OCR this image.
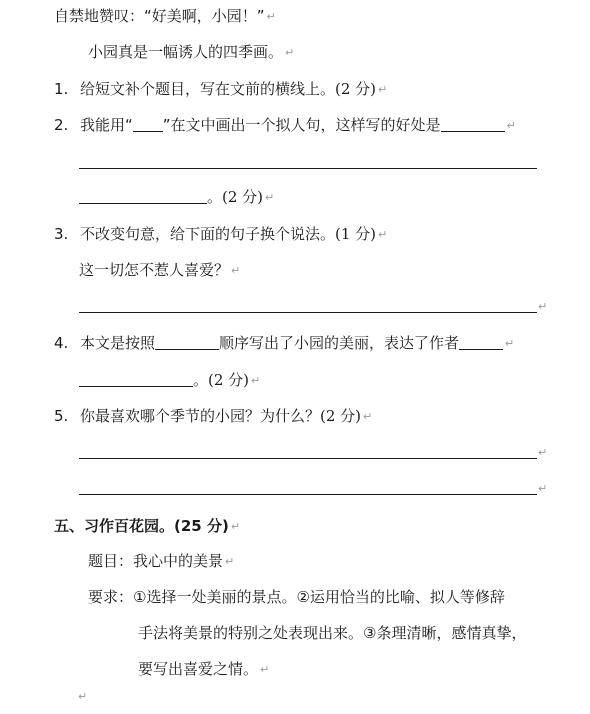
自禁地赞叹：“好美啊，小园！” ↵
小园真是一幅诱人的四季画。 ↵
1. 给短文补个题目，写在文前的横线上。(2 分) ↵
2. 我能用“ ”在文中画出一个拟人句，这样写的好处是	↵
。(2 分) ↵
3. 不改变句意，给下面的句子换个说法。(1 分) ↵
这一切怎不惹人喜爱？ ↵
↵
4. 本文是按照	顺序写出了小园的美丽，表达了作者	↵
。(2 分) ↵
5. 你最喜欢哪个季节的小园？为什么？(2 分) ↵
↵
↵
五、习作百花园。(25 分) ↵
题目：我心中的美景 ↵
要求：①选择一处美丽的景点。②运用恰当的比喻、拟人等修辞
手法将美景的特别之处表现出来。③条理清晰，感情真挚，
要写出喜爱之情。 ↵
↵
